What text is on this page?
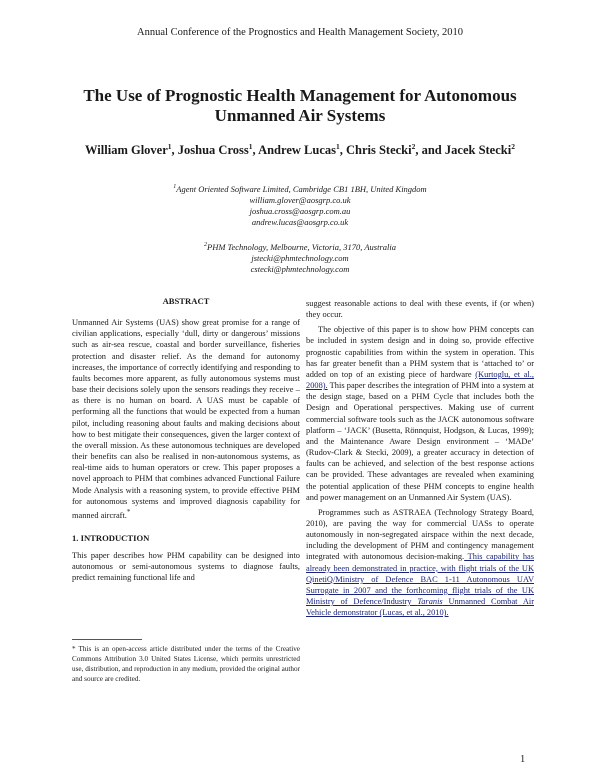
Annual Conference of the Prognostics and Health Management Society, 2010
The Use of Prognostic Health Management for Autonomous
Unmanned Air Systems
William Glover$^1$, Joshua Cross$^1$, Andrew Lucas$^1$, Chris Stecki$^2$, and Jacek Stecki$^2$
$^1$Agent Oriented Software Limited, Cambridge CB1 1BH, United Kingdom
william.glover@aosgrp.co.uk
joshua.cross@aosgrp.com.au
andrew.lucas@aosgrp.co.uk
$^2$PHM Technology, Melbourne, Victoria, 3170, Australia
jstecki@phmtechnology.com
cstecki@phmtechnology.com

ABSTRACT

Unmanned Air Systems (UAS) show great promise for a range of civilian applications, especially ‘dull, dirty or dangerous’ missions such as air-sea rescue, coastal and border surveillance, fisheries protection and disaster relief. As the demand for autonomy increases, the importance of correctly identifying and responding to faults becomes more apparent, as fully autonomous systems must base their decisions solely upon the sensors readings they receive – as there is no human on board. A UAS must be capable of performing all the functions that would be expected from a human pilot, including reasoning about faults and making decisions about how to best mitigate their consequences, given the larger context of the overall mission. As these autonomous techniques are developed their benefits can also be realised in non-autonomous systems, as real-time aids to human operators or crew. This paper proposes a novel approach to PHM that combines advanced Functional Failure Mode Analysis with a reasoning system, to provide effective PHM for autonomous systems and improved diagnosis capability for manned aircraft.*

1. INTRODUCTION

This paper describes how PHM capability can be designed into autonomous or semi-autonomous systems to diagnose faults, predict remaining functional life and

* This is an open-access article distributed under the terms of the Creative Commons Attribution 3.0 United States License, which permits unrestricted use, distribution, and reproduction in any medium, provided the original author and source are credited.

suggest reasonable actions to deal with these events, if (or when) they occur.

The objective of this paper is to show how PHM concepts can be included in system design and in doing so, provide effective prognostic capabilities from within the system in operation. This has far greater benefit than a PHM system that is ‘attached to’ or added on top of an existing piece of hardware (Kurtoglu, et al., 2008). This paper describes the integration of PHM into a system at the design stage, based on a PHM Cycle that includes both the Design and Operational perspectives. Making use of current commercial software tools such as the JACK autonomous software platform – ‘JACK’ (Busetta, Rönnquist, Hodgson, & Lucas, 1999); and the Maintenance Aware Design environment – ‘MADe’ (Rudov-Clark & Stecki, 2009), a greater accuracy in detection of faults can be achieved, and selection of the best response actions can be provided. These advantages are revealed when examining the potential application of these PHM concepts to engine health and power management on an Unmanned Air System (UAS).

Programmes such as ASTRAEA (Technology Strategy Board, 2010), are paving the way for commercial UASs to operate autonomously in non-segregated airspace within the next decade, including the development of PHM and contingency management integrated with autonomous decision-making. This capability has already been demonstrated in practice, with flight trials of the UK QinetiQ/Ministry of Defence BAC 1-11 Autonomous UAV Surrogate in 2007 and the forthcoming flight trials of the UK Ministry of Defence/Industry Taranis Unmanned Combat Air Vehicle demonstrator (Lucas, et al., 2010).

1
